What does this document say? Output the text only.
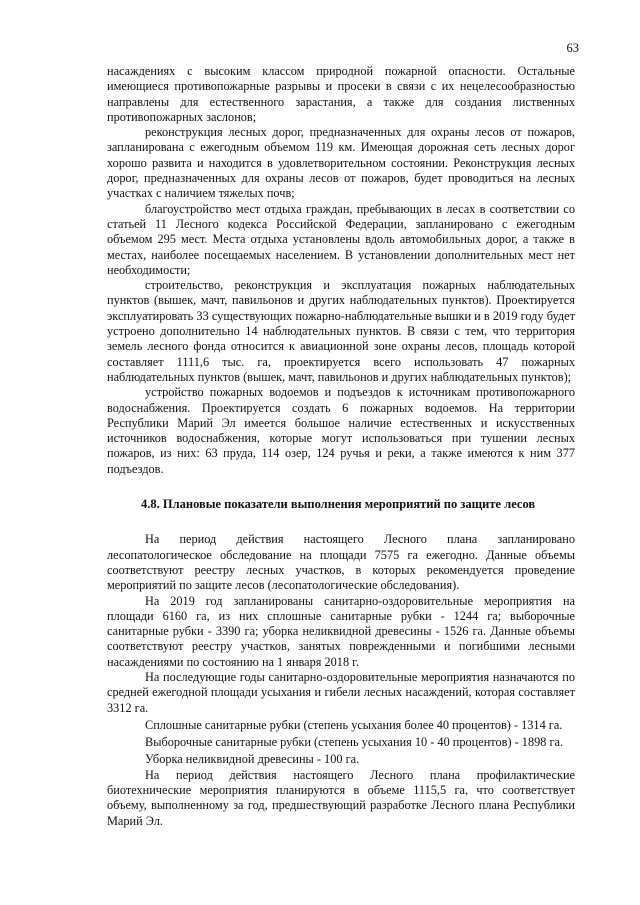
63

насаждениях с высоким классом природной пожарной опасности. Остальные имеющиеся противопожарные разрывы и просеки в связи с их нецелесообразностью направлены для естественного зарастания, а также для создания лиственных противопожарных заслонов;

реконструкция лесных дорог, предназначенных для охраны лесов от пожаров, запланирована с ежегодным объемом 119 км. Имеющая дорожная сеть лесных дорог хорошо развита и находится в удовлетворительном состоянии. Реконструкция лесных дорог, предназначенных для охраны лесов от пожаров, будет проводиться на лесных участках с наличием тяжелых почв;

благоустройство мест отдыха граждан, пребывающих в лесах в соответствии со статьей 11 Лесного кодекса Российской Федерации, запланировано с ежегодным объемом 295 мест. Места отдыха установлены вдоль автомобильных дорог, а также в местах, наиболее посещаемых населением. В установлении дополнительных мест нет необходимости;

строительство, реконструкция и эксплуатация пожарных наблюдательных пунктов (вышек, мачт, павильонов и других наблюдательных пунктов). Проектируется эксплуатировать 33 существующих пожарно-наблюдательные вышки и в 2019 году будет устроено дополнительно 14 наблюдательных пунктов. В связи с тем, что территория земель лесного фонда относится к авиационной зоне охраны лесов, площадь которой составляет 1111,6 тыс. га, проектируется всего использовать 47 пожарных наблюдательных пунктов (вышек, мачт, павильонов и других наблюдательных пунктов);

устройство пожарных водоемов и подъездов к источникам противопожарного водоснабжения. Проектируется создать 6 пожарных водоемов. На территории Республики Марий Эл имеется большое наличие естественных и искусственных источников водоснабжения, которые могут использоваться при тушении лесных пожаров, из них: 63 пруда, 114 озер, 124 ручья и реки, а также имеются к ним 377 подъездов.

4.8. Плановые показатели выполнения мероприятий по защите лесов

На период действия настоящего Лесного плана запланировано лесопатологическое обследование на площади 7575 га ежегодно. Данные объемы соответствуют реестру лесных участков, в которых рекомендуется проведение мероприятий по защите лесов (лесопатологические обследования).

На 2019 год запланированы санитарно-оздоровительные мероприятия на площади 6160 га, из них сплошные санитарные рубки - 1244 га; выборочные санитарные рубки - 3390 га; уборка неликвидной древесины - 1526 га. Данные объемы соответствуют реестру участков, занятых поврежденными и погибшими лесными насаждениями по состоянию на 1 января 2018 г.

На последующие годы санитарно-оздоровительные мероприятия назначаются по средней ежегодной площади усыхания и гибели лесных насаждений, которая составляет 3312 га.

Сплошные санитарные рубки (степень усыхания более 40 процентов) - 1314 га.

Выборочные санитарные рубки (степень усыхания 10 - 40 процентов) - 1898 га.

Уборка неликвидной древесины - 100 га.

На период действия настоящего Лесного плана профилактические биотехнические мероприятия планируются в объеме 1115,5 га, что соответствует объему, выполненному за год, предшествующий разработке Лесного плана Республики Марий Эл.
